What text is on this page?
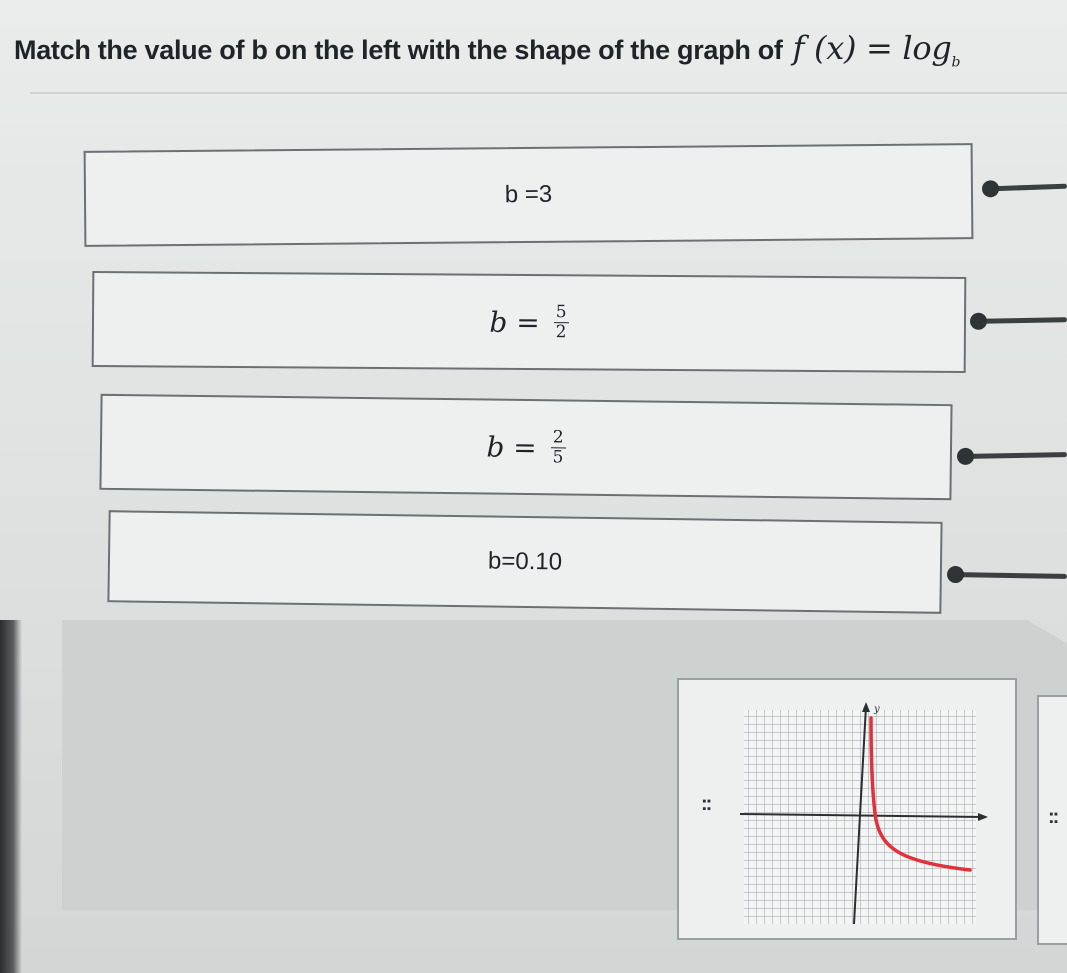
Match the value of b on the left with the shape of the graph of f $(x) = \log_b$
b =3
$b = \frac{5}{2}$
$b = \frac{2}{5}$
b=0.10
::
y
::
